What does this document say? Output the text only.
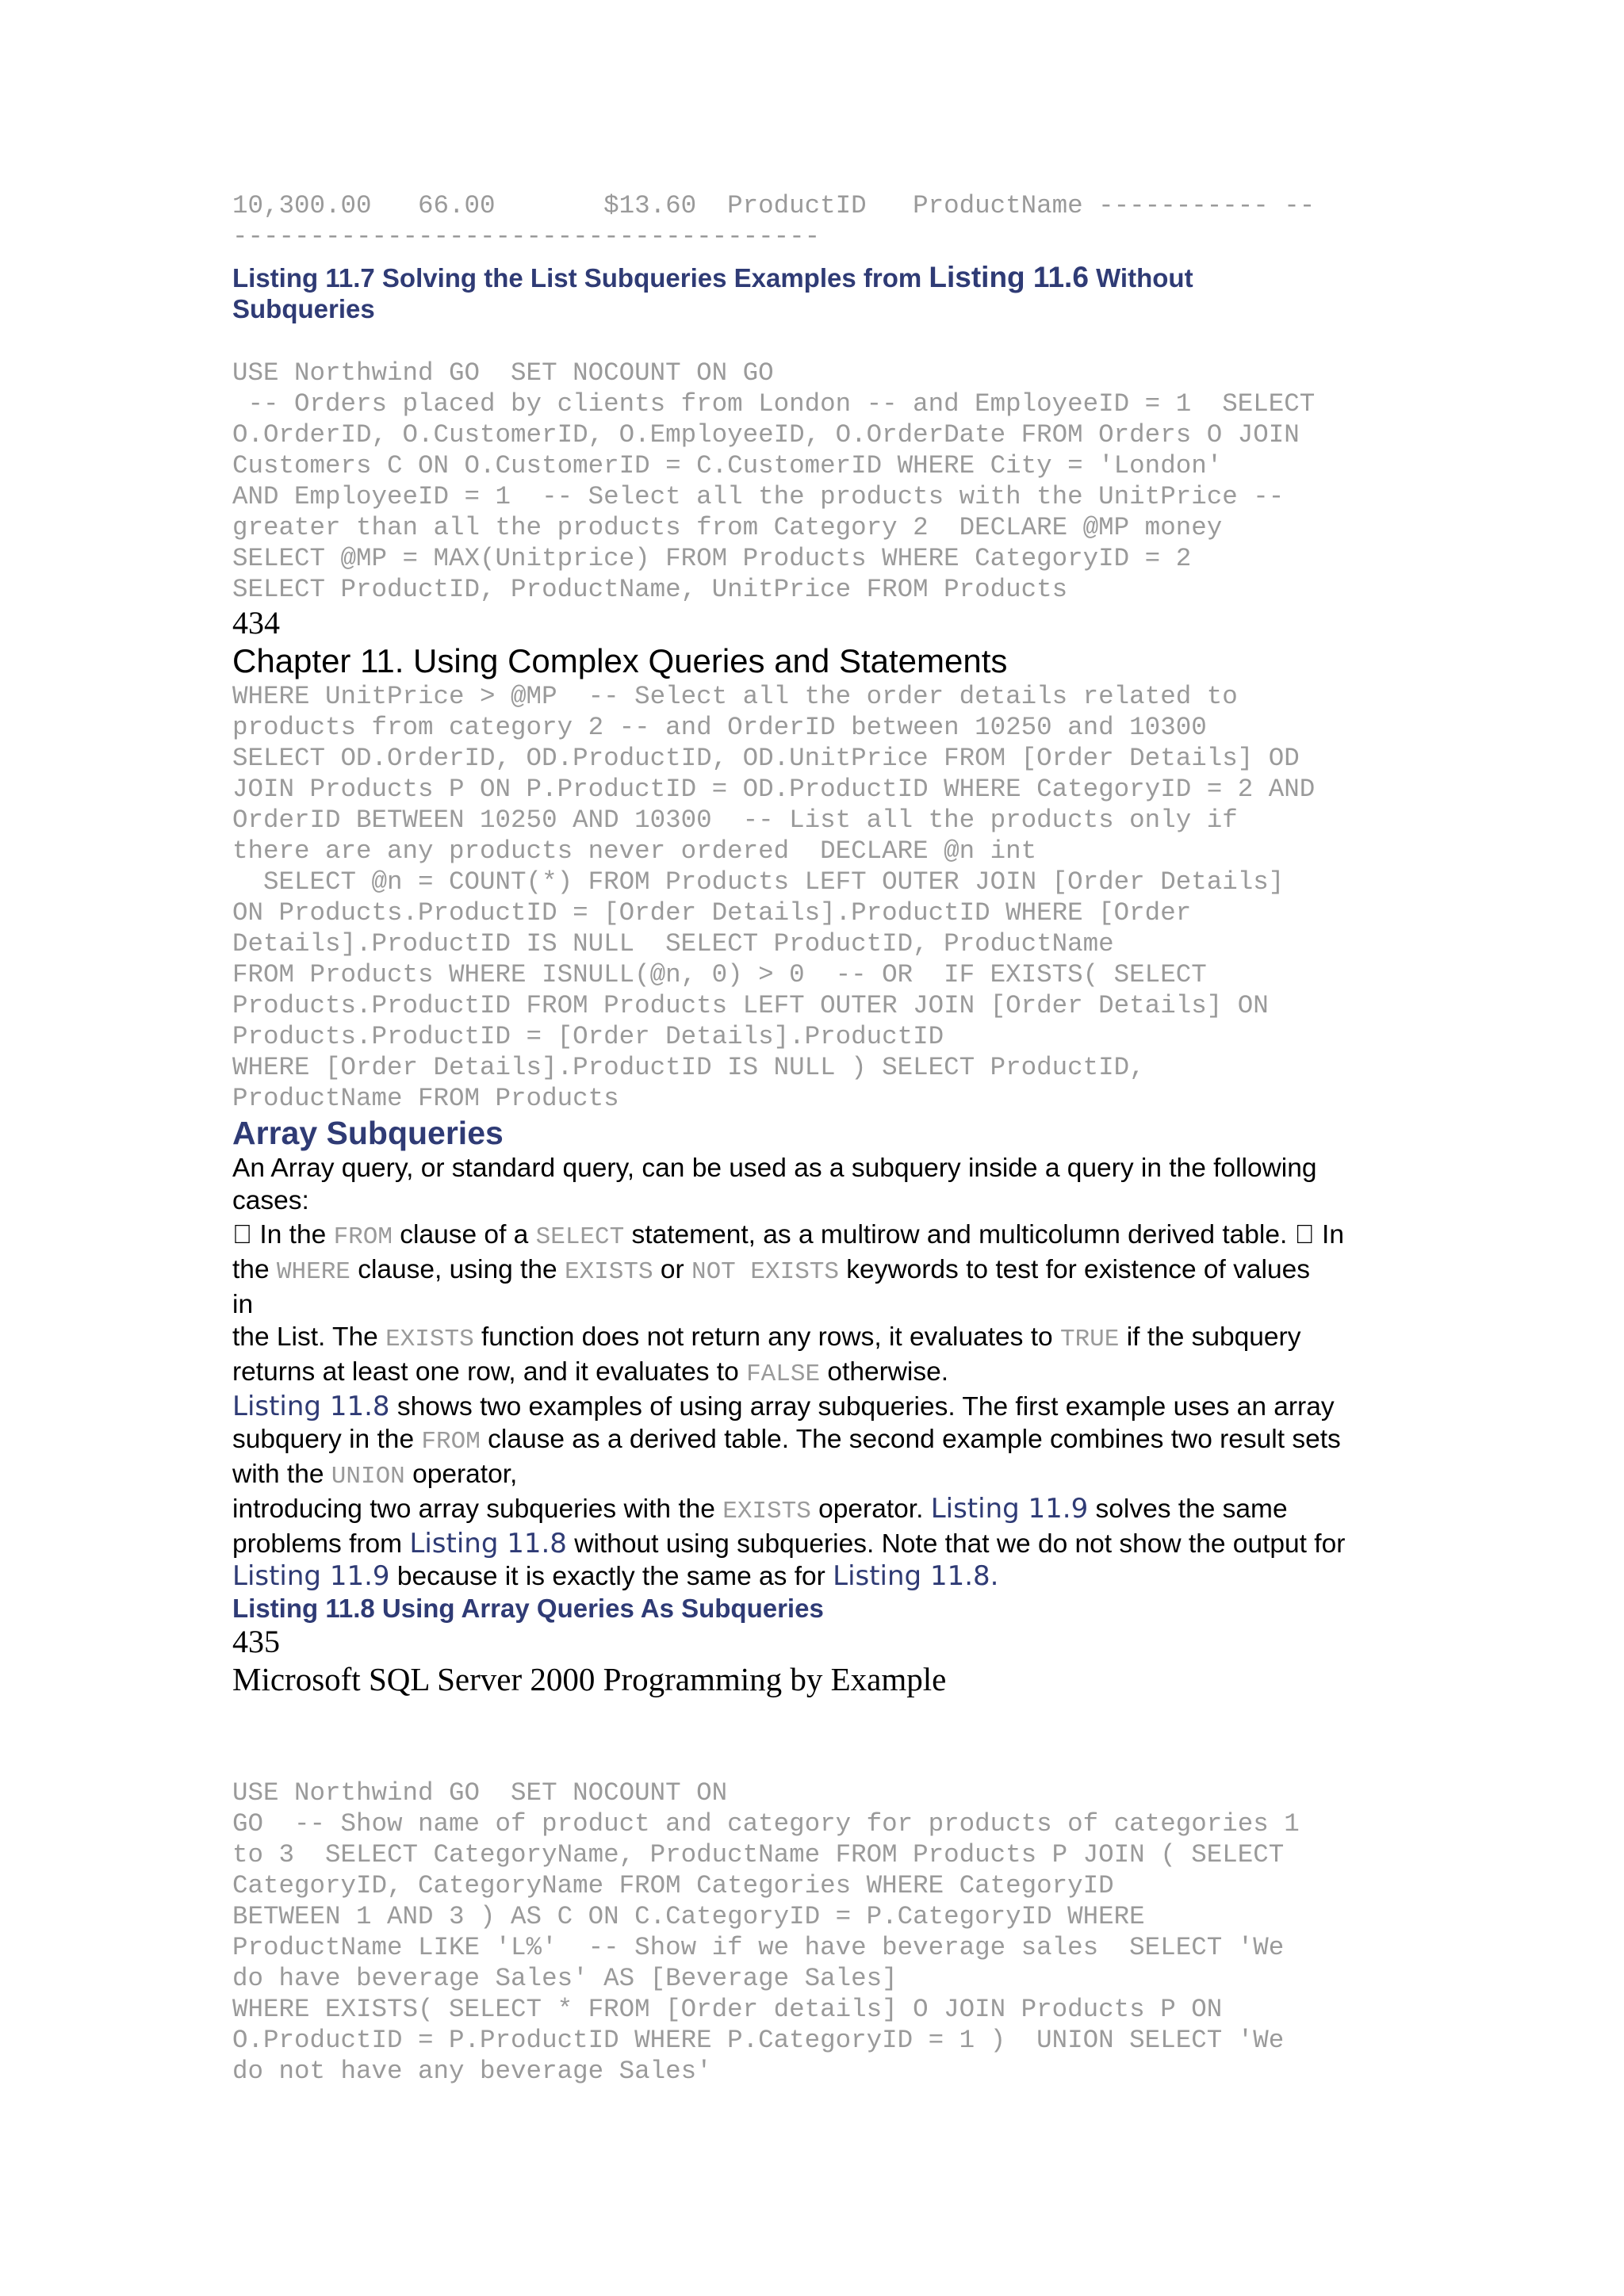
10,300.00   66.00       $13.60  ProductID   ProductName ----------- --
--------------------------------------
Listing 11.7 Solving the List Subqueries Examples from Listing 11.6 Without
Subqueries
USE Northwind GO  SET NOCOUNT ON GO
-- Orders placed by clients from London -- and EmployeeID = 1  SELECT
O.OrderID, O.CustomerID, O.EmployeeID, O.OrderDate FROM Orders O JOIN
Customers C ON O.CustomerID = C.CustomerID WHERE City = 'London'
AND EmployeeID = 1  -- Select all the products with the UnitPrice --
greater than all the products from Category 2  DECLARE @MP money
SELECT @MP = MAX(Unitprice) FROM Products WHERE CategoryID = 2
SELECT ProductID, ProductName, UnitPrice FROM Products
434
Chapter 11. Using Complex Queries and Statements
WHERE UnitPrice > @MP  -- Select all the order details related to
products from category 2 -- and OrderID between 10250 and 10300
SELECT OD.OrderID, OD.ProductID, OD.UnitPrice FROM [Order Details] OD
JOIN Products P ON P.ProductID = OD.ProductID WHERE CategoryID = 2 AND
OrderID BETWEEN 10250 AND 10300  -- List all the products only if
there are any products never ordered  DECLARE @n int
SELECT @n = COUNT(*) FROM Products LEFT OUTER JOIN [Order Details]
ON Products.ProductID = [Order Details].ProductID WHERE [Order
Details].ProductID IS NULL  SELECT ProductID, ProductName
FROM Products WHERE ISNULL(@n, 0) > 0  -- OR  IF EXISTS( SELECT
Products.ProductID FROM Products LEFT OUTER JOIN [Order Details] ON
Products.ProductID = [Order Details].ProductID
WHERE [Order Details].ProductID IS NULL ) SELECT ProductID,
ProductName FROM Products
Array Subqueries

An Array query, or standard query, can be used as a subquery inside a query in the following
cases:

In the FROM clause of a SELECT statement, as a multirow and multicolumn derived table. In
the WHERE clause, using the EXISTS or NOT EXISTS keywords to test for existence of values
in
the List. The EXISTS function does not return any rows, it evaluates to TRUE if the subquery
returns at least one row, and it evaluates to FALSE otherwise.

Listing 11.8 shows two examples of using array subqueries. The first example uses an array
subquery in the FROM clause as a derived table. The second example combines two result sets
with the UNION operator,
introducing two array subqueries with the EXISTS operator. Listing 11.9 solves the same
problems from Listing 11.8 without using subqueries. Note that we do not show the output for
Listing 11.9 because it is exactly the same as for Listing 11.8.

Listing 11.8 Using Array Queries As Subqueries
435
Microsoft SQL Server 2000 Programming by Example
USE Northwind GO  SET NOCOUNT ON
GO  -- Show name of product and category for products of categories 1
to 3  SELECT CategoryName, ProductName FROM Products P JOIN ( SELECT
CategoryID, CategoryName FROM Categories WHERE CategoryID
BETWEEN 1 AND 3 ) AS C ON C.CategoryID = P.CategoryID WHERE
ProductName LIKE 'L%'  -- Show if we have beverage sales  SELECT 'We
do have beverage Sales' AS [Beverage Sales]
WHERE EXISTS( SELECT * FROM [Order details] O JOIN Products P ON
O.ProductID = P.ProductID WHERE P.CategoryID = 1 )  UNION SELECT 'We
do not have any beverage Sales'
